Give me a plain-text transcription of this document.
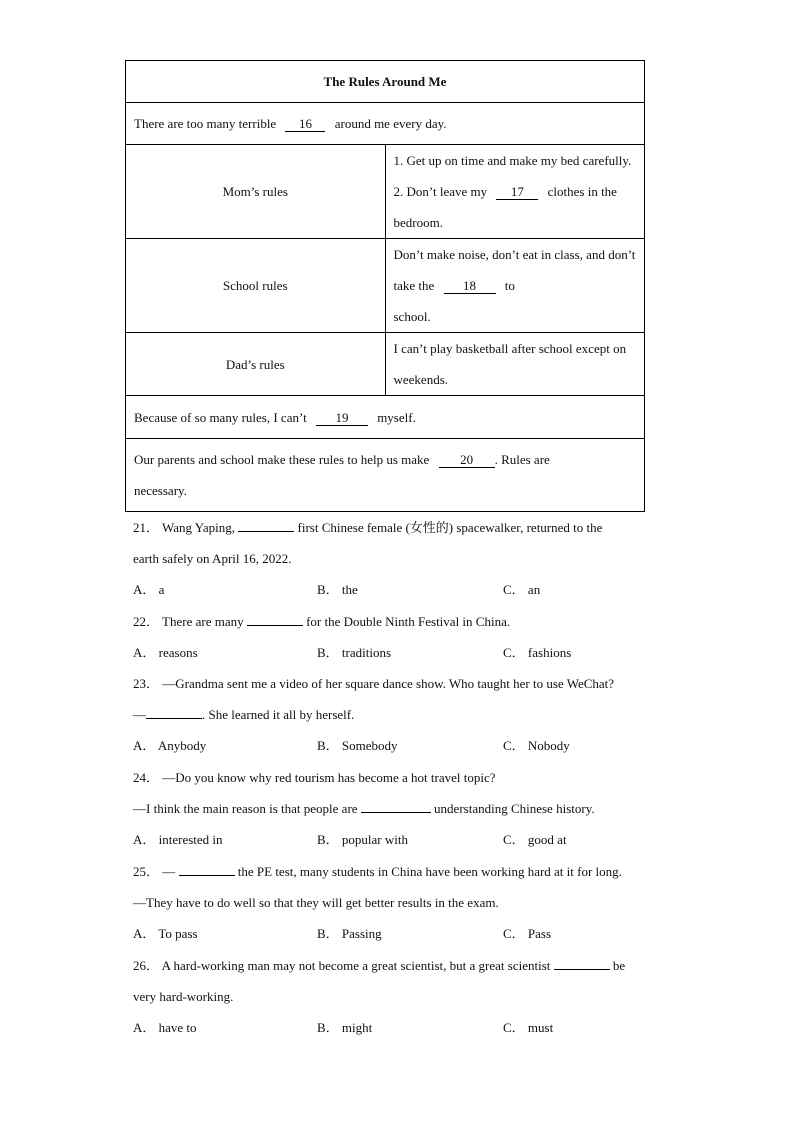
The Rules Around Me	
There are too many terrible 16 around me every day.	
Mom’s rules	1. Get up on time and make my bed carefully.
2. Don’t leave my 17 clothes in the bedroom.

School rules	Don’t make noise, don’t eat in class, and don’t take the 18 to
school.

Dad’s rules	I can’t play basketball after school except on weekends.
Because of so many rules, I can’t 19 myself.	

Our parents and school make these rules to help us make 20 . Rules are
necessary.	
21． Wang Yaping,	first Chinese female (女性的) spacewalker, returned to the
earth safely on April 16, 2022.
A． a	B． the	C． an
22． There are many	for the Double Ninth Festival in China.
A． reasons	B． traditions	C． fashions
23． —Grandma sent me a video of her square dance show. Who taught her to use WeChat?
—	. She learned it all by herself.
A． Anybody	B． Somebody	C． Nobody
24． —Do you know why red tourism has become a hot travel topic?
—I think the main reason is that people are	understanding Chinese history.
A． interested in	B． popular with	C． good at
25． —	the PE test, many students in China have been working hard at it for long.
—They have to do well so that they will get better results in the exam.
A． To pass	B． Passing	C． Pass
26． A hard-working man may not become a great scientist, but a great scientist	be
very hard-working.
A． have to	B． might	C． must
